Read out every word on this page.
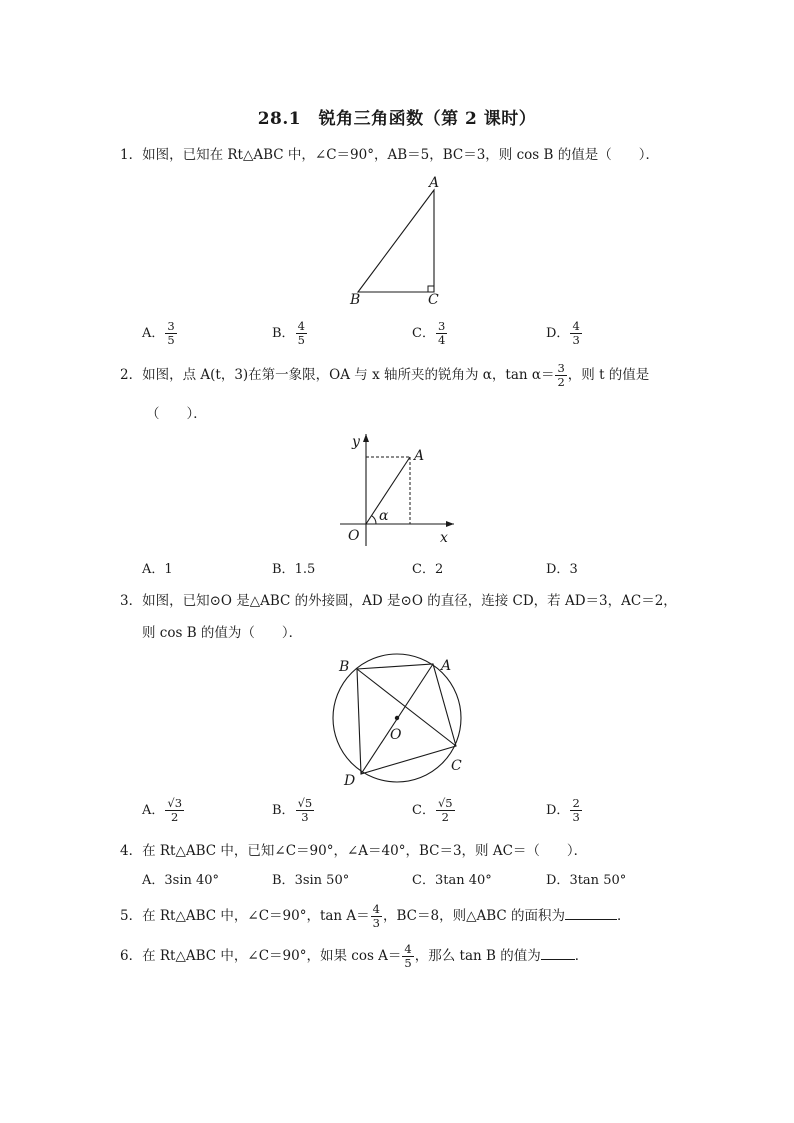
28.1　锐角三角函数（第 2 课时）
1．如图，已知在 Rt△ABC 中，∠C＝90°，AB＝5，BC＝3，则 cos B 的值是（　　）．
A
B	C
A． $\frac{3}{5}$	B． $\frac{4}{5}$	C． $\frac{3}{4}$	D． $\frac{4}{3}$
2．如图，点 A(t，3)在第一象限，OA 与 x 轴所夹的锐角为 α，$\tan \alpha= \frac{3}{2}$ ，则 t 的值是
（　　）．
y
A
α
O	x
A．1	B．1.5	C．2	D．3
3．如图，已知⊙O 是△ABC 的外接圆，AD 是⊙O 的直径，连接 CD，若 AD＝3，AC＝2，
则 cos B 的值为（　　）．
B	A
O
D
C
A． $\frac{√3}{2}$	B． $\frac{√5}{3}$	C． $\frac{√5}{2}$	D． $\frac{2}{3}$
4．在 Rt△ABC 中，已知∠C＝90°，∠A＝40°，BC＝3，则 AC＝（　　）．
A．3sin 40°	B．3sin 50°	C．3tan 40°	D．3tan 50°
5．在 Rt△ABC 中，∠C＝90°，$\tan A= \frac{4}{3}$ ，BC＝8，则△ABC 的面积为	．
6．在 Rt△ABC 中，∠C＝90°，如果 $\cos A= \frac{4}{5}$ ，那么 tan B 的值为	．
